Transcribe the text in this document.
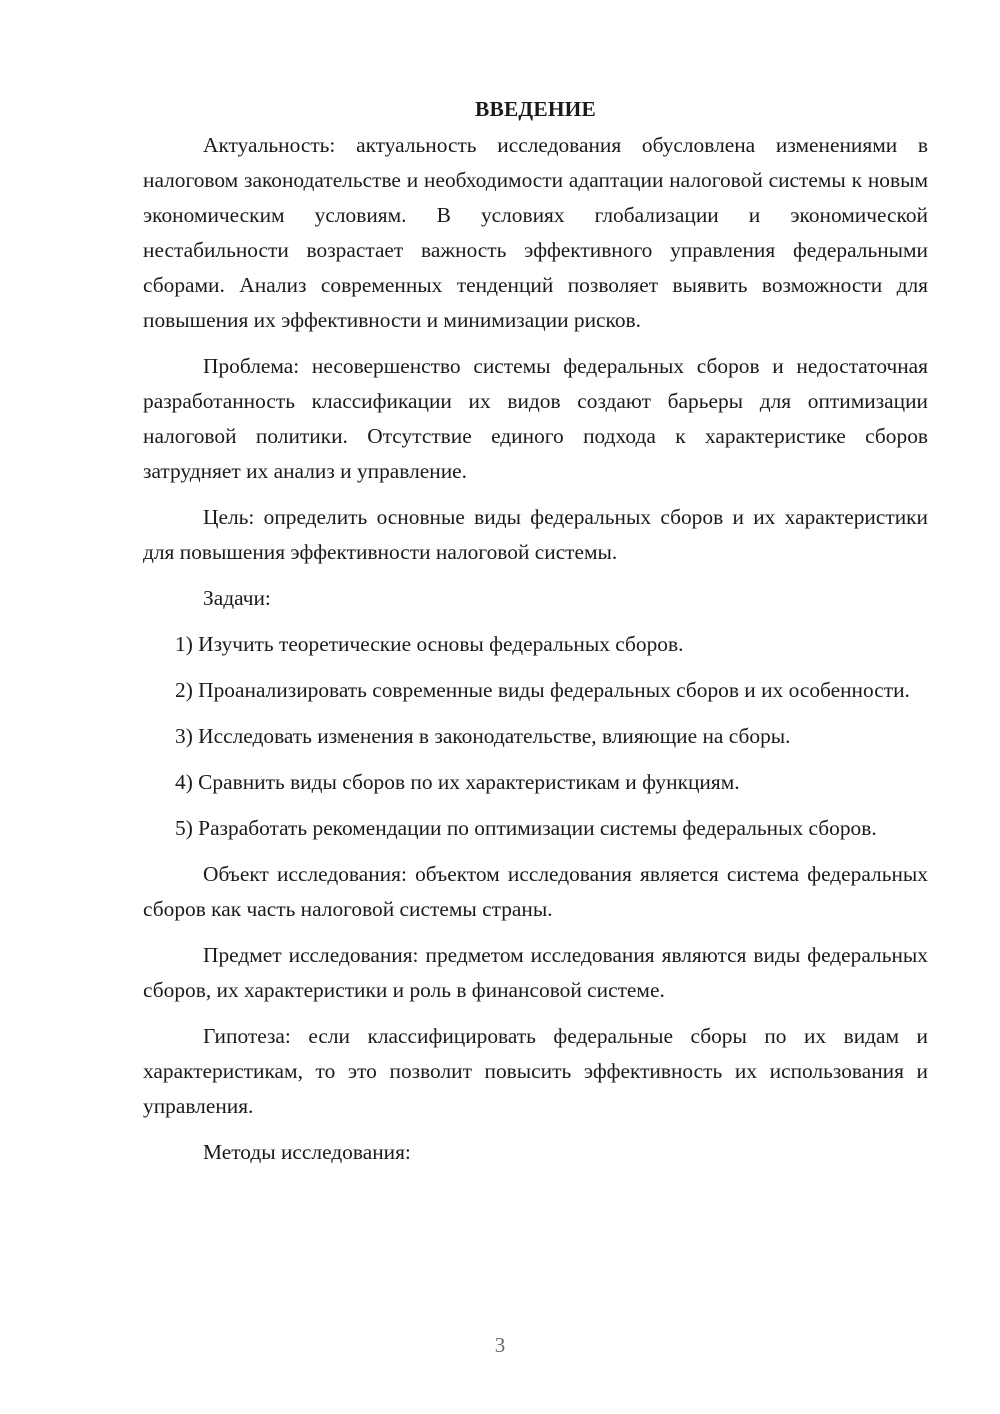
ВВЕДЕНИЕ

Актуальность: актуальность исследования обусловлена изменениями в налоговом законодательстве и необходимости адаптации налоговой системы к новым экономическим условиям. В условиях глобализации и экономической нестабильности возрастает важность эффективного управления федеральными сборами. Анализ современных тенденций позволяет выявить возможности для повышения их эффективности и минимизации рисков.

Проблема: несовершенство системы федеральных сборов и недостаточная разработанность классификации их видов создают барьеры для оптимизации налоговой политики. Отсутствие единого подхода к характеристике сборов затрудняет их анализ и управление.

Цель: определить основные виды федеральных сборов и их характеристики для повышения эффективности налоговой системы.

Задачи:

1) Изучить теоретические основы федеральных сборов.

2) Проанализировать современные виды федеральных сборов и их особенности.

3) Исследовать изменения в законодательстве, влияющие на сборы.

4) Сравнить виды сборов по их характеристикам и функциям.

5) Разработать рекомендации по оптимизации системы федеральных сборов.

Объект исследования: объектом исследования является система федеральных сборов как часть налоговой системы страны.

Предмет исследования: предметом исследования являются виды федеральных сборов, их характеристики и роль в финансовой системе.

Гипотеза: если классифицировать федеральные сборы по их видам и характеристикам, то это позволит повысить эффективность их использования и управления.

Методы исследования:

3
